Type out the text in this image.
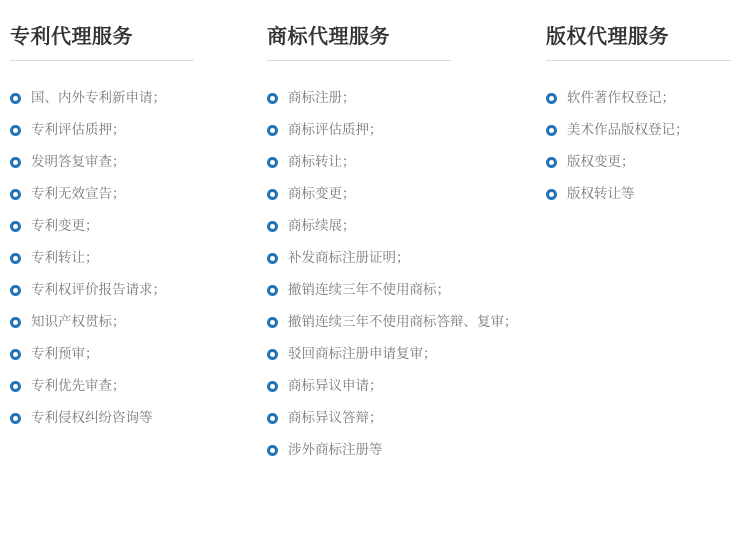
专利代理服务
国、内外专利新申请；
专利评估质押；
发明答复审查；
专利无效宣告；
专利变更；
专利转让；
专利权评价报告请求；
知识产权贯标；
专利预审；
专利优先审查；
专利侵权纠纷咨询等
商标代理服务
商标注册；
商标评估质押；
商标转让；
商标变更；
商标续展；
补发商标注册证明；
撤销连续三年不使用商标；
撤销连续三年不使用商标答辩、复审；
驳回商标注册申请复审；
商标异议申请；
商标异议答辩；
涉外商标注册等
版权代理服务
软件著作权登记；
美术作品版权登记；
版权变更；
版权转让等
